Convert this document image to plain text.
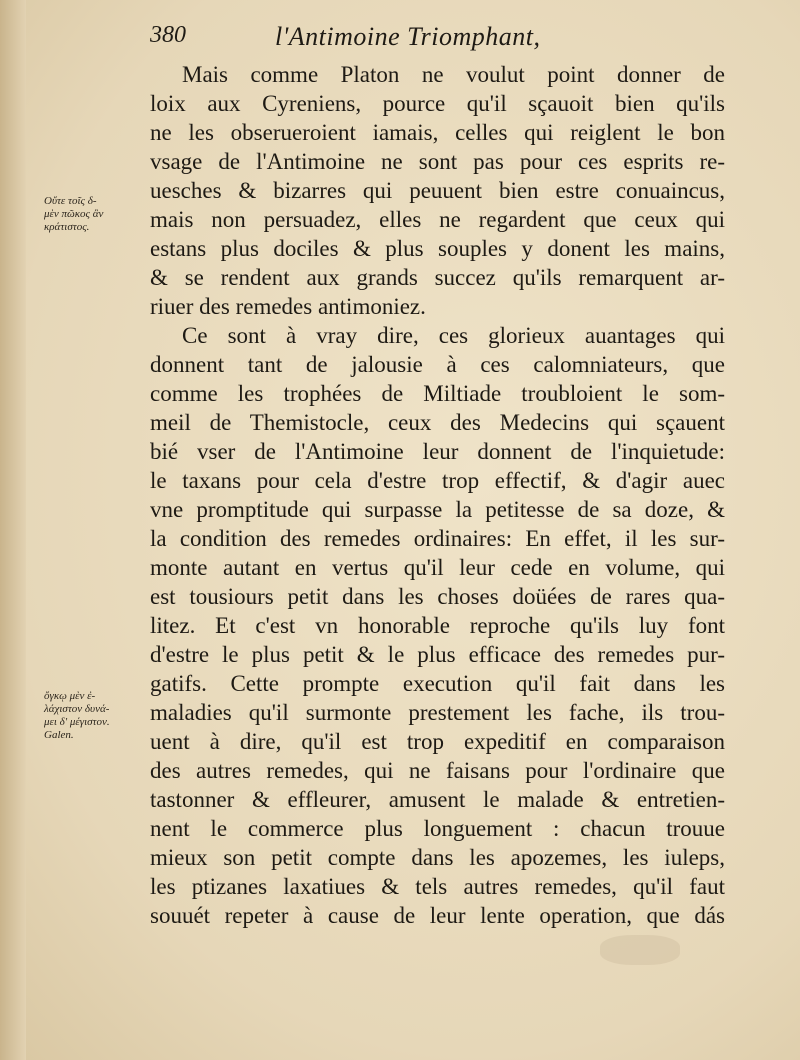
380	l'Antimoine Triomphant,
Οὔτε τοῖς δ-
μὲν πῶκος ἂν
κράτιστος.
ὄγκῳ μὲν ἐ-
λάχιστον δυνά-
μει δ' μέγιστον.
Galen.
Mais comme Platon ne voulut point donner de
loix aux Cyreniens, pource qu'il sçauoit bien qu'ils
ne les obserueroient iamais, celles qui reiglent le bon
vsage de l'Antimoine ne sont pas pour ces esprits re-
uesches & bizarres qui peuuent bien estre conuaincus,
mais non persuadez, elles ne regardent que ceux qui
estans plus dociles & plus souples y donent les mains,
& se rendent aux grands succez qu'ils remarquent ar-
riuer des remedes antimoniez.
Ce sont à vray dire, ces glorieux auantages qui
donnent tant de jalousie à ces calomniateurs, que
comme les trophées de Miltiade troubloient le som-
meil de Themistocle, ceux des Medecins qui sçauent
bié vser de l'Antimoine leur donnent de l'inquietude:
le taxans pour cela d'estre trop effectif, & d'agir auec
vne promptitude qui surpasse la petitesse de sa doze, &
la condition des remedes ordinaires: En effet, il les sur-
monte autant en vertus qu'il leur cede en volume, qui
est tousiours petit dans les choses doüées de rares qua-
litez. Et c'est vn honorable reproche qu'ils luy font
d'estre le plus petit & le plus efficace des remedes pur-
gatifs. Cette prompte execution qu'il fait dans les
maladies qu'il surmonte prestement les fache, ils trou-
uent à dire, qu'il est trop expeditif en comparaison
des autres remedes, qui ne faisans pour l'ordinaire que
tastonner & effleurer, amusent le malade & entretien-
nent le commerce plus longuement : chacun trouue
mieux son petit compte dans les apozemes, les iuleps,
les ptizanes laxatiues & tels autres remedes, qu'il faut
souuét repeter à cause de leur lente operation, que dás
